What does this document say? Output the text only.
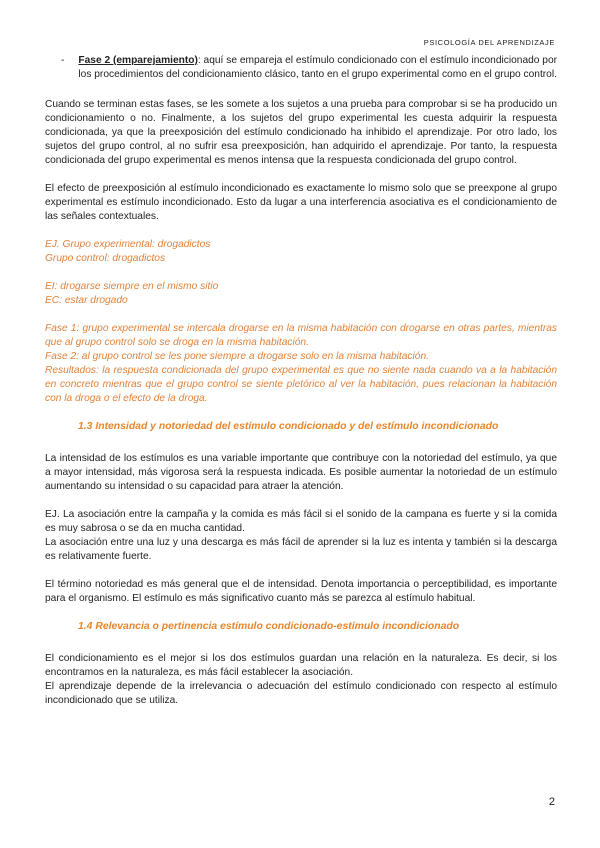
PSICOLOGÍA DEL APRENDIZAJE
- Fase 2 (emparejamiento): aquí se empareja el estímulo condicionado con el estímulo incondicionado por los procedimientos del condicionamiento clásico, tanto en el grupo experimental como en el grupo control.

Cuando se terminan estas fases, se les somete a los sujetos a una prueba para comprobar si se ha producido un condicionamiento o no. Finalmente, a los sujetos del grupo experimental les cuesta adquirir la respuesta condicionada, ya que la preexposición del estímulo condicionado ha inhibido el aprendizaje. Por otro lado, los sujetos del grupo control, al no sufrir esa preexposición, han adquirido el aprendizaje. Por tanto, la respuesta condicionada del grupo experimental es menos intensa que la respuesta condicionada del grupo control.

El efecto de preexposición al estímulo incondicionado es exactamente lo mismo solo que se preexpone al grupo experimental es estímulo incondicionado. Esto da lugar a una interferencia asociativa es el condicionamiento de las señales contextuales.

EJ. Grupo experimental: drogadictos
Grupo control: drogadictos
EI: drogarse siempre en el mismo sitio
EC: estar drogado
Fase 1: grupo experimental se intercala drogarse en la misma habitación con drogarse en otras partes, mientras que al grupo control solo se droga en la misma habitación.
Fase 2: al grupo control se les pone siempre a drogarse solo en la misma habitación.
Resultados: la respuesta condicionada del grupo experimental es que no siente nada cuando va a la habitación en concreto mientras que el grupo control se siente pletórico al ver la habitación, pues relacionan la habitación con la droga o el efecto de la droga.
1.3 Intensidad y notoriedad del estímulo condicionado y del estímulo incondicionado

La intensidad de los estímulos es una variable importante que contribuye con la notoriedad del estímulo, ya que a mayor intensidad, más vigorosa será la respuesta indicada. Es posible aumentar la notoriedad de un estímulo aumentando su intensidad o su capacidad para atraer la atención.

EJ. La asociación entre la campaña y la comida es más fácil si el sonido de la campana es fuerte y si la comida es muy sabrosa o se da en mucha cantidad.
La asociación entre una luz y una descarga es más fácil de aprender si la luz es intenta y también si la descarga es relativamente fuerte.

El término notoriedad es más general que el de intensidad. Denota importancia o perceptibilidad, es importante para el organismo. El estímulo es más significativo cuanto más se parezca al estímulo habitual.

1.4 Relevancia o pertinencia estímulo condicionado-estímulo incondicionado
El condicionamiento es el mejor si los dos estímulos guardan una relación en la naturaleza. Es decir, si los encontramos en la naturaleza, es más fácil establecer la asociación.
El aprendizaje depende de la irrelevancia o adecuación del estímulo condicionado con respecto al estímulo incondicionado que se utiliza.
2
